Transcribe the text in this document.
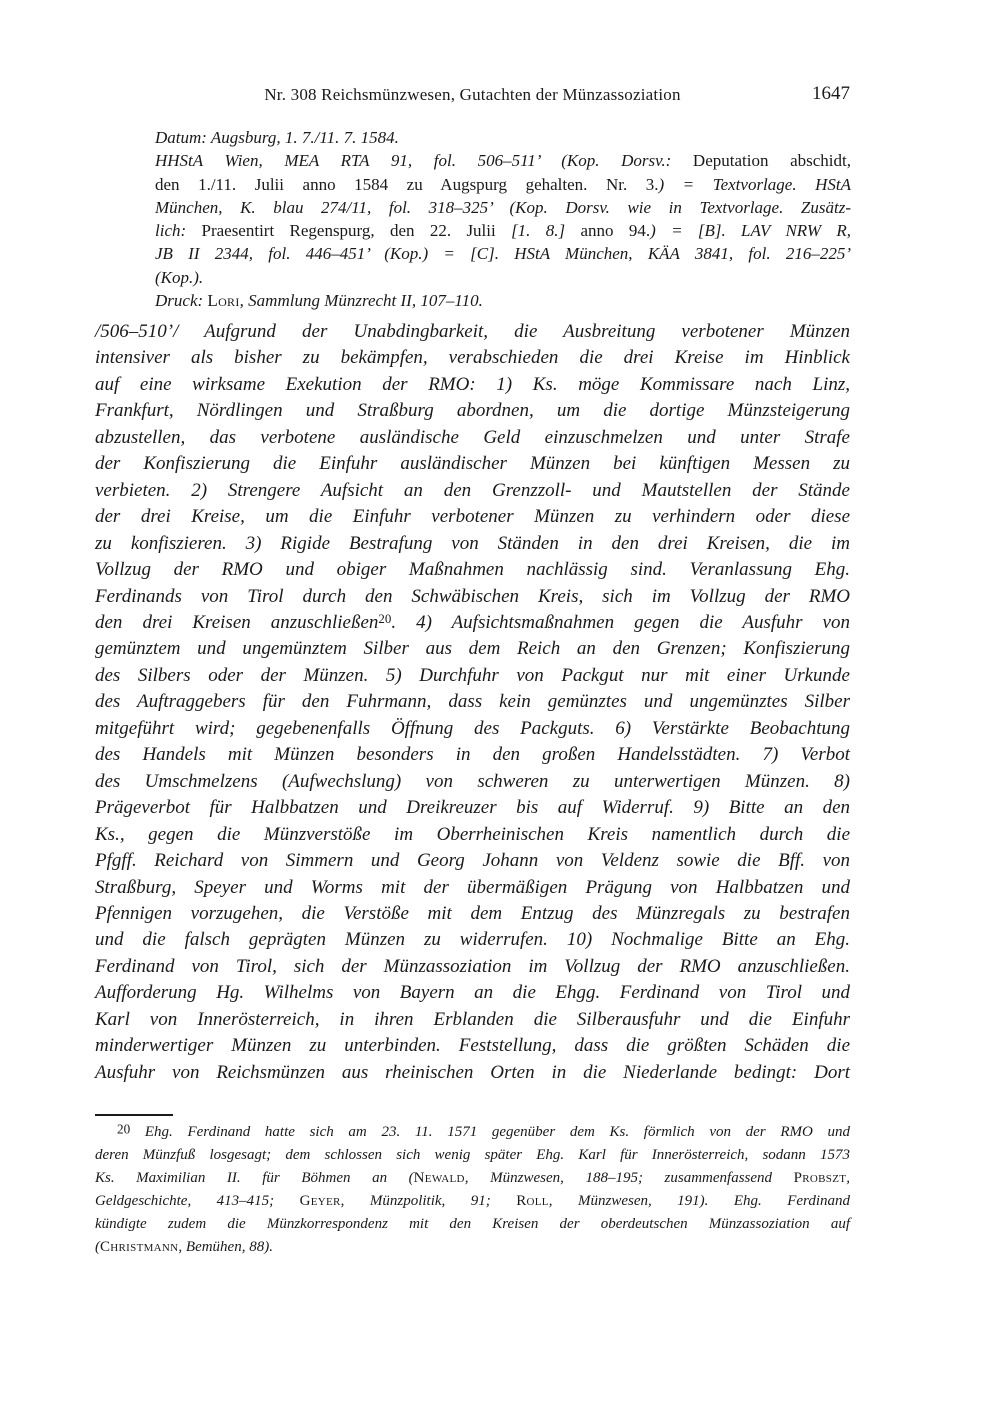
Nr. 308 Reichsmünzwesen, Gutachten der Münzassoziation	1647
Datum: Augsburg, 1. 7./11. 7. 1584.
HHStA Wien, MEA RTA 91, fol. 506–511’ (Kop. Dorsv.: Deputation abschidt,
den 1./11. Julii anno 1584 zu Augspurg gehalten. Nr. 3.) = Textvorlage. HStA
München, K. blau 274/11, fol. 318–325’ (Kop. Dorsv. wie in Textvorlage. Zusätz-
lich: Praesentirt Regenspurg, den 22. Julii [1. 8.] anno 94.) = [B]. LAV NRW R,
JB II 2344, fol. 446–451’ (Kop.) = [C]. HStA München, KÄA 3841, fol. 216–225’
(Kop.).
Druck: Lori, Sammlung Münzrecht II, 107–110.
/506–510’/ Aufgrund der Unabdingbarkeit, die Ausbreitung verbotener Münzen
intensiver als bisher zu bekämpfen, verabschieden die drei Kreise im Hinblick
auf eine wirksame Exekution der RMO: 1) Ks. möge Kommissare nach Linz,
Frankfurt, Nördlingen und Straßburg abordnen, um die dortige Münzsteigerung
abzustellen, das verbotene ausländische Geld einzuschmelzen und unter Strafe
der Konfiszierung die Einfuhr ausländischer Münzen bei künftigen Messen zu
verbieten. 2) Strengere Aufsicht an den Grenzzoll- und Mautstellen der Stände
der drei Kreise, um die Einfuhr verbotener Münzen zu verhindern oder diese
zu konfiszieren. 3) Rigide Bestrafung von Ständen in den drei Kreisen, die im
Vollzug der RMO und obiger Maßnahmen nachlässig sind. Veranlassung Ehg.
Ferdinands von Tirol durch den Schwäbischen Kreis, sich im Vollzug der RMO
den drei Kreisen anzuschließen$^{20}$. 4) Aufsichtsmaßnahmen gegen die Ausfuhr von
gemünztem und ungemünztem Silber aus dem Reich an den Grenzen; Konfiszierung
des Silbers oder der Münzen. 5) Durchfuhr von Packgut nur mit einer Urkunde
des Auftraggebers für den Fuhrmann, dass kein gemünztes und ungemünztes Silber
mitgeführt wird; gegebenenfalls Öffnung des Packguts. 6) Verstärkte Beobachtung
des Handels mit Münzen besonders in den großen Handelsstädten. 7) Verbot
des Umschmelzens (Aufwechslung) von schweren zu unterwertigen Münzen. 8)
Prägeverbot für Halbbatzen und Dreikreuzer bis auf Widerruf. 9) Bitte an den
Ks., gegen die Münzverstöße im Oberrheinischen Kreis namentlich durch die
Pfgff. Reichard von Simmern und Georg Johann von Veldenz sowie die Bff. von
Straßburg, Speyer und Worms mit der übermäßigen Prägung von Halbbatzen und
Pfennigen vorzugehen, die Verstöße mit dem Entzug des Münzregals zu bestrafen
und die falsch geprägten Münzen zu widerrufen. 10) Nochmalige Bitte an Ehg.
Ferdinand von Tirol, sich der Münzassoziation im Vollzug der RMO anzuschließen.
Aufforderung Hg. Wilhelms von Bayern an die Ehgg. Ferdinand von Tirol und
Karl von Innerösterreich, in ihren Erblanden die Silberausfuhr und die Einfuhr
minderwertiger Münzen zu unterbinden. Feststellung, dass die größten Schäden die
Ausfuhr von Reichsmünzen aus rheinischen Orten in die Niederlande bedingt: Dort
20 Ehg. Ferdinand hatte sich am 23. 11. 1571 gegenüber dem Ks. förmlich von der RMO und
deren Münzfuß losgesagt; dem schlossen sich wenig später Ehg. Karl für Innerösterreich, sodann 1573
Ks. Maximilian II. für Böhmen an (Newald, Münzwesen, 188–195; zusammenfassend Probszt,
Geldgeschichte, 413–415; Geyer, Münzpolitik, 91; Roll, Münzwesen, 191). Ehg. Ferdinand
kündigte zudem die Münzkorrespondenz mit den Kreisen der oberdeutschen Münzassoziation auf
(Christmann, Bemühen, 88).
